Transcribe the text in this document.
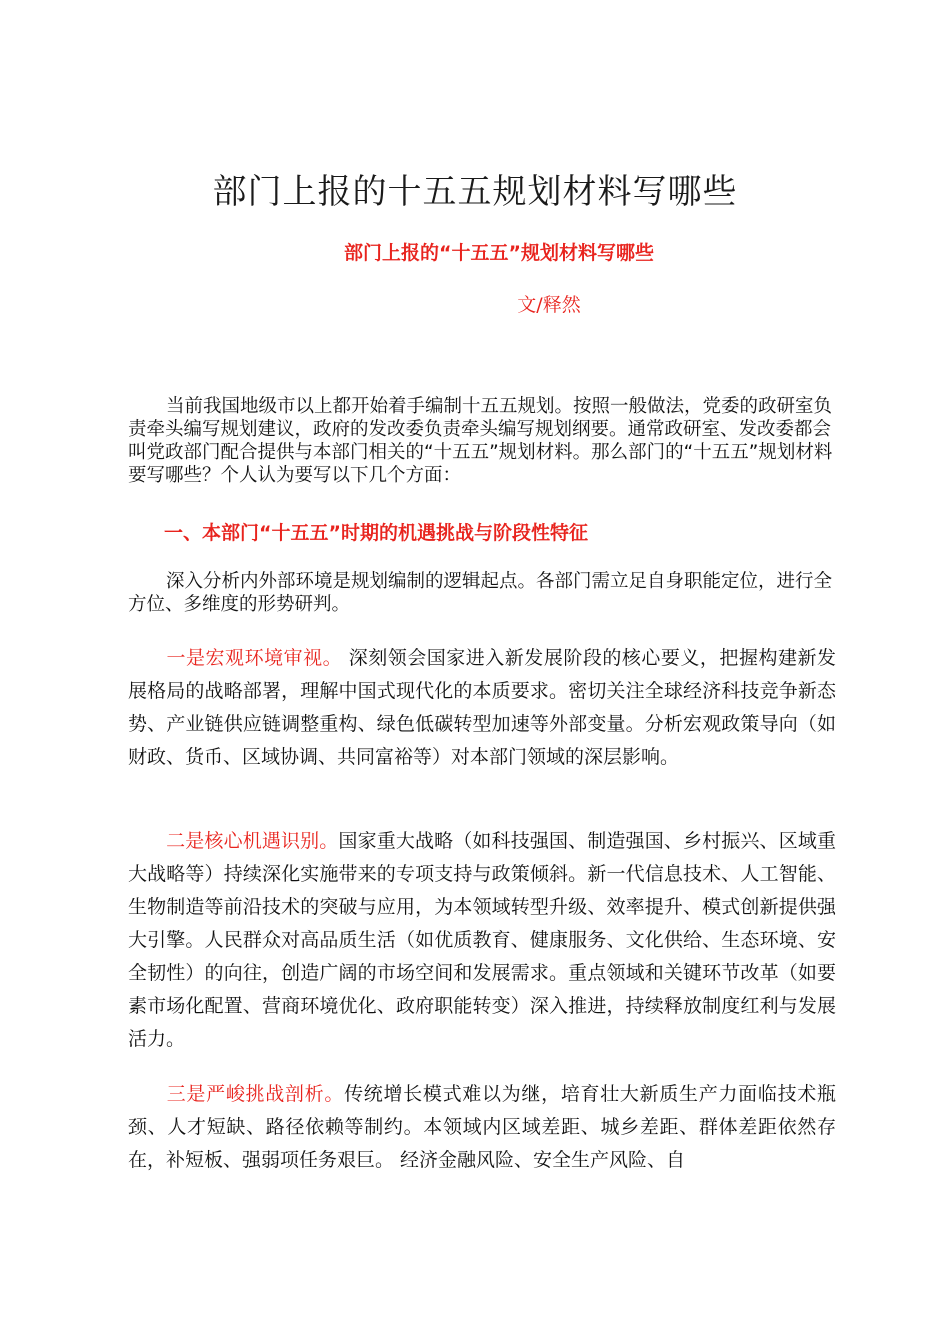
部门上报的十五五规划材料写哪些

部门上报的“十五五”规划材料写哪些

文/释然

当前我国地级市以上都开始着手编制十五五规划。按照一般做法，党委的政研室负责牵头编写规划建议，政府的发改委负责牵头编写规划纲要。通常政研室、发改委都会叫党政部门配合提供与本部门相关的“十五五”规划材料。那么部门的“十五五”规划材料要写哪些？个人认为要写以下几个方面：

一、本部门“十五五”时期的机遇挑战与阶段性特征

深入分析内外部环境是规划编制的逻辑起点。各部门需立足自身职能定位，进行全方位、多维度的形势研判。

一是宏观环境审视。 深刻领会国家进入新发展阶段的核心要义，把握构建新发展格局的战略部署，理解中国式现代化的本质要求。密切关注全球经济科技竞争新态势、产业链供应链调整重构、绿色低碳转型加速等外部变量。分析宏观政策导向（如财政、货币、区域协调、共同富裕等）对本部门领域的深层影响。

二是核心机遇识别。国家重大战略（如科技强国、制造强国、乡村振兴、区域重大战略等）持续深化实施带来的专项支持与政策倾斜。新一代信息技术、人工智能、生物制造等前沿技术的突破与应用，为本领域转型升级、效率提升、模式创新提供强大引擎。人民群众对高品质生活（如优质教育、健康服务、文化供给、生态环境、安全韧性）的向往，创造广阔的市场空间和发展需求。重点领域和关键环节改革（如要素市场化配置、营商环境优化、政府职能转变）深入推进，持续释放制度红利与发展活力。

三是严峻挑战剖析。传统增长模式难以为继，培育壮大新质生产力面临技术瓶颈、人才短缺、路径依赖等制约。本领域内区域差距、城乡差距、群体差距依然存在，补短板、强弱项任务艰巨。 经济金融风险、安全生产风险、自
